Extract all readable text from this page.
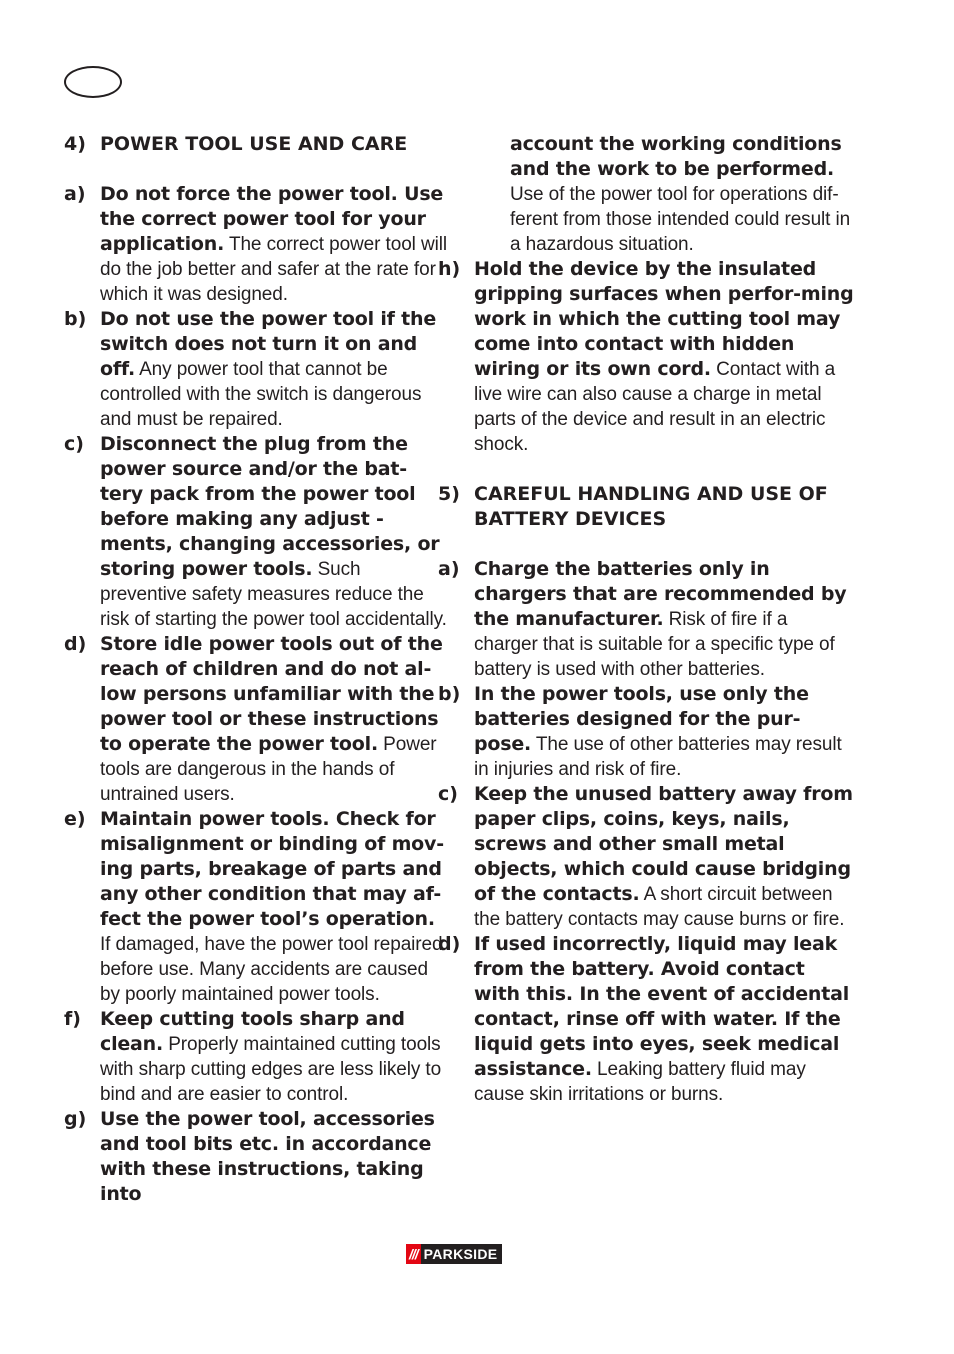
4) POWER TOOL USE AND CARE
a) Do not force the power tool. Use the correct power tool for your application. The correct power tool will do the job better and safer at the rate for which it was designed.
b) Do not use the power tool if the switch does not turn it on and off. Any power tool that cannot be controlled with the switch is dangerous and must be repaired.
c) Disconnect the plug from the power source and/or the bat-tery pack from the power tool before making any adjust -ments, changing accessories, or storing power tools. Such preventive safety measures reduce the risk of starting the power tool accidentally.
d) Store idle power tools out of the reach of children and do not al-low persons unfamiliar with the power tool or these instructions to operate the power tool. Power tools are dangerous in the hands of untrained users.
e) Maintain power tools. Check for misalignment or binding of mov-ing parts, breakage of parts and any other condition that may af-fect the power tool’s operation. If damaged, have the power tool repaired before use. Many accidents are caused by poorly maintained power tools.
f)	Keep cutting tools sharp and clean. Properly maintained cutting tools with sharp cutting edges are less likely to bind and are easier to control.
g) Use the power tool, accessories and tool bits etc. in accordance with these instructions, taking into
account the working conditions and the work to be performed. Use of the power tool for operations dif-ferent from those intended could result in a hazardous situation.
h) Hold the device by the insulated gripping surfaces when perfor-ming work in which the cutting tool may come into contact with hidden wiring or its own cord. Contact with a live wire can also cause a charge in metal parts of the device and result in an electric shock.
5) CAREFUL HANDLING AND USE OF BATTERY DEVICES
a) Charge the batteries only in chargers that are recommended by the manufacturer. Risk of fire if a charger that is suitable for a specific type of battery is used with other batteries.
b) In the power tools, use only the batteries designed for the pur-pose. The use of other batteries may result in injuries and risk of fire.
c) Keep the unused battery away from paper clips, coins, keys, nails, screws and other small metal objects, which could cause bridging of the contacts. A short circuit between the battery contacts may cause burns or fire.
d) If used incorrectly, liquid may leak from the battery. Avoid contact with this. In the event of accidental contact, rinse off with water. If the liquid gets into eyes, seek medical assistance. Leaking battery fluid may cause skin irritations or burns.
/// PARKSIDE
